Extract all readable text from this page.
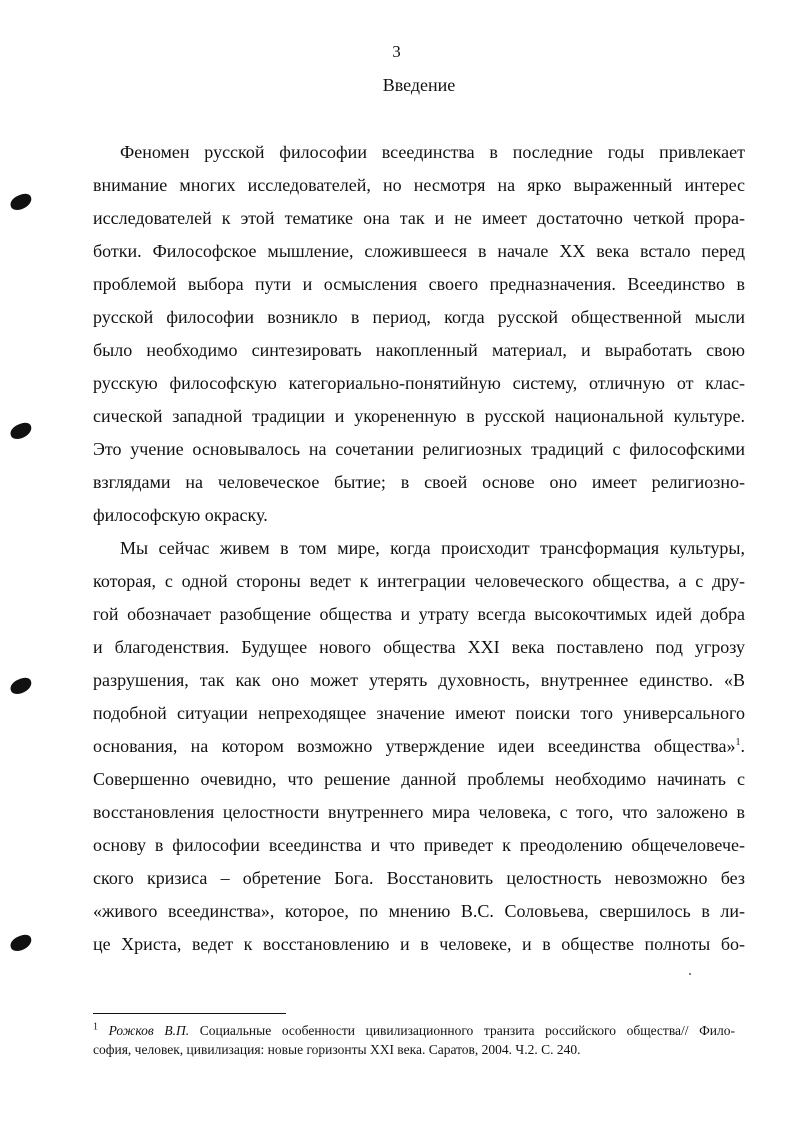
3
Введение
Феномен русской философии всеединства в последние годы привлекает
внимание многих исследователей, но несмотря на ярко выраженный интерес
исследователей к этой тематике она так и не имеет достаточно четкой прора-
ботки. Философское мышление, сложившееся в начале XX века встало перед
проблемой выбора пути и осмысления своего предназначения. Всеединство в
русской философии возникло в период, когда русской общественной мысли
было необходимо синтезировать накопленный материал, и выработать свою
русскую философскую категориально-понятийную систему, отличную от клас-
сической западной традиции и укорененную в русской национальной культуре.
Это учение основывалось на сочетании религиозных традиций с философскими
взглядами на человеческое бытие; в своей основе оно имеет религиозно-
философскую окраску.
Мы сейчас живем в том мире, когда происходит трансформация культуры,
которая, с одной стороны ведет к интеграции человеческого общества, а с дру-
гой обозначает разобщение общества и утрату всегда высокочтимых идей добра
и благоденствия. Будущее нового общества XXI века поставлено под угрозу
разрушения, так как оно может утерять духовность, внутреннее единство. «В
подобной ситуации непреходящее значение имеют поиски того универсального
основания, на котором возможно утверждение идеи всеединства общества»$^1$.
Совершенно очевидно, что решение данной проблемы необходимо начинать с
восстановления целостности внутреннего мира человека, с того, что заложено в
основу в философии всеединства и что приведет к преодолению общечеловече-
ского кризиса – обретение Бога. Восстановить целостность невозможно без
«живого всеединства», которое, по мнению В.С. Соловьева, свершилось в ли-
це Христа, ведет к восстановлению и в человеке, и в обществе полноты бо-
$^1$ Рожков В.П. Социальные особенности цивилизационного транзита российского общества// Фило-
софия, человек, цивилизация: новые горизонты XXI века. Саратов, 2004. Ч.2. С. 240.
